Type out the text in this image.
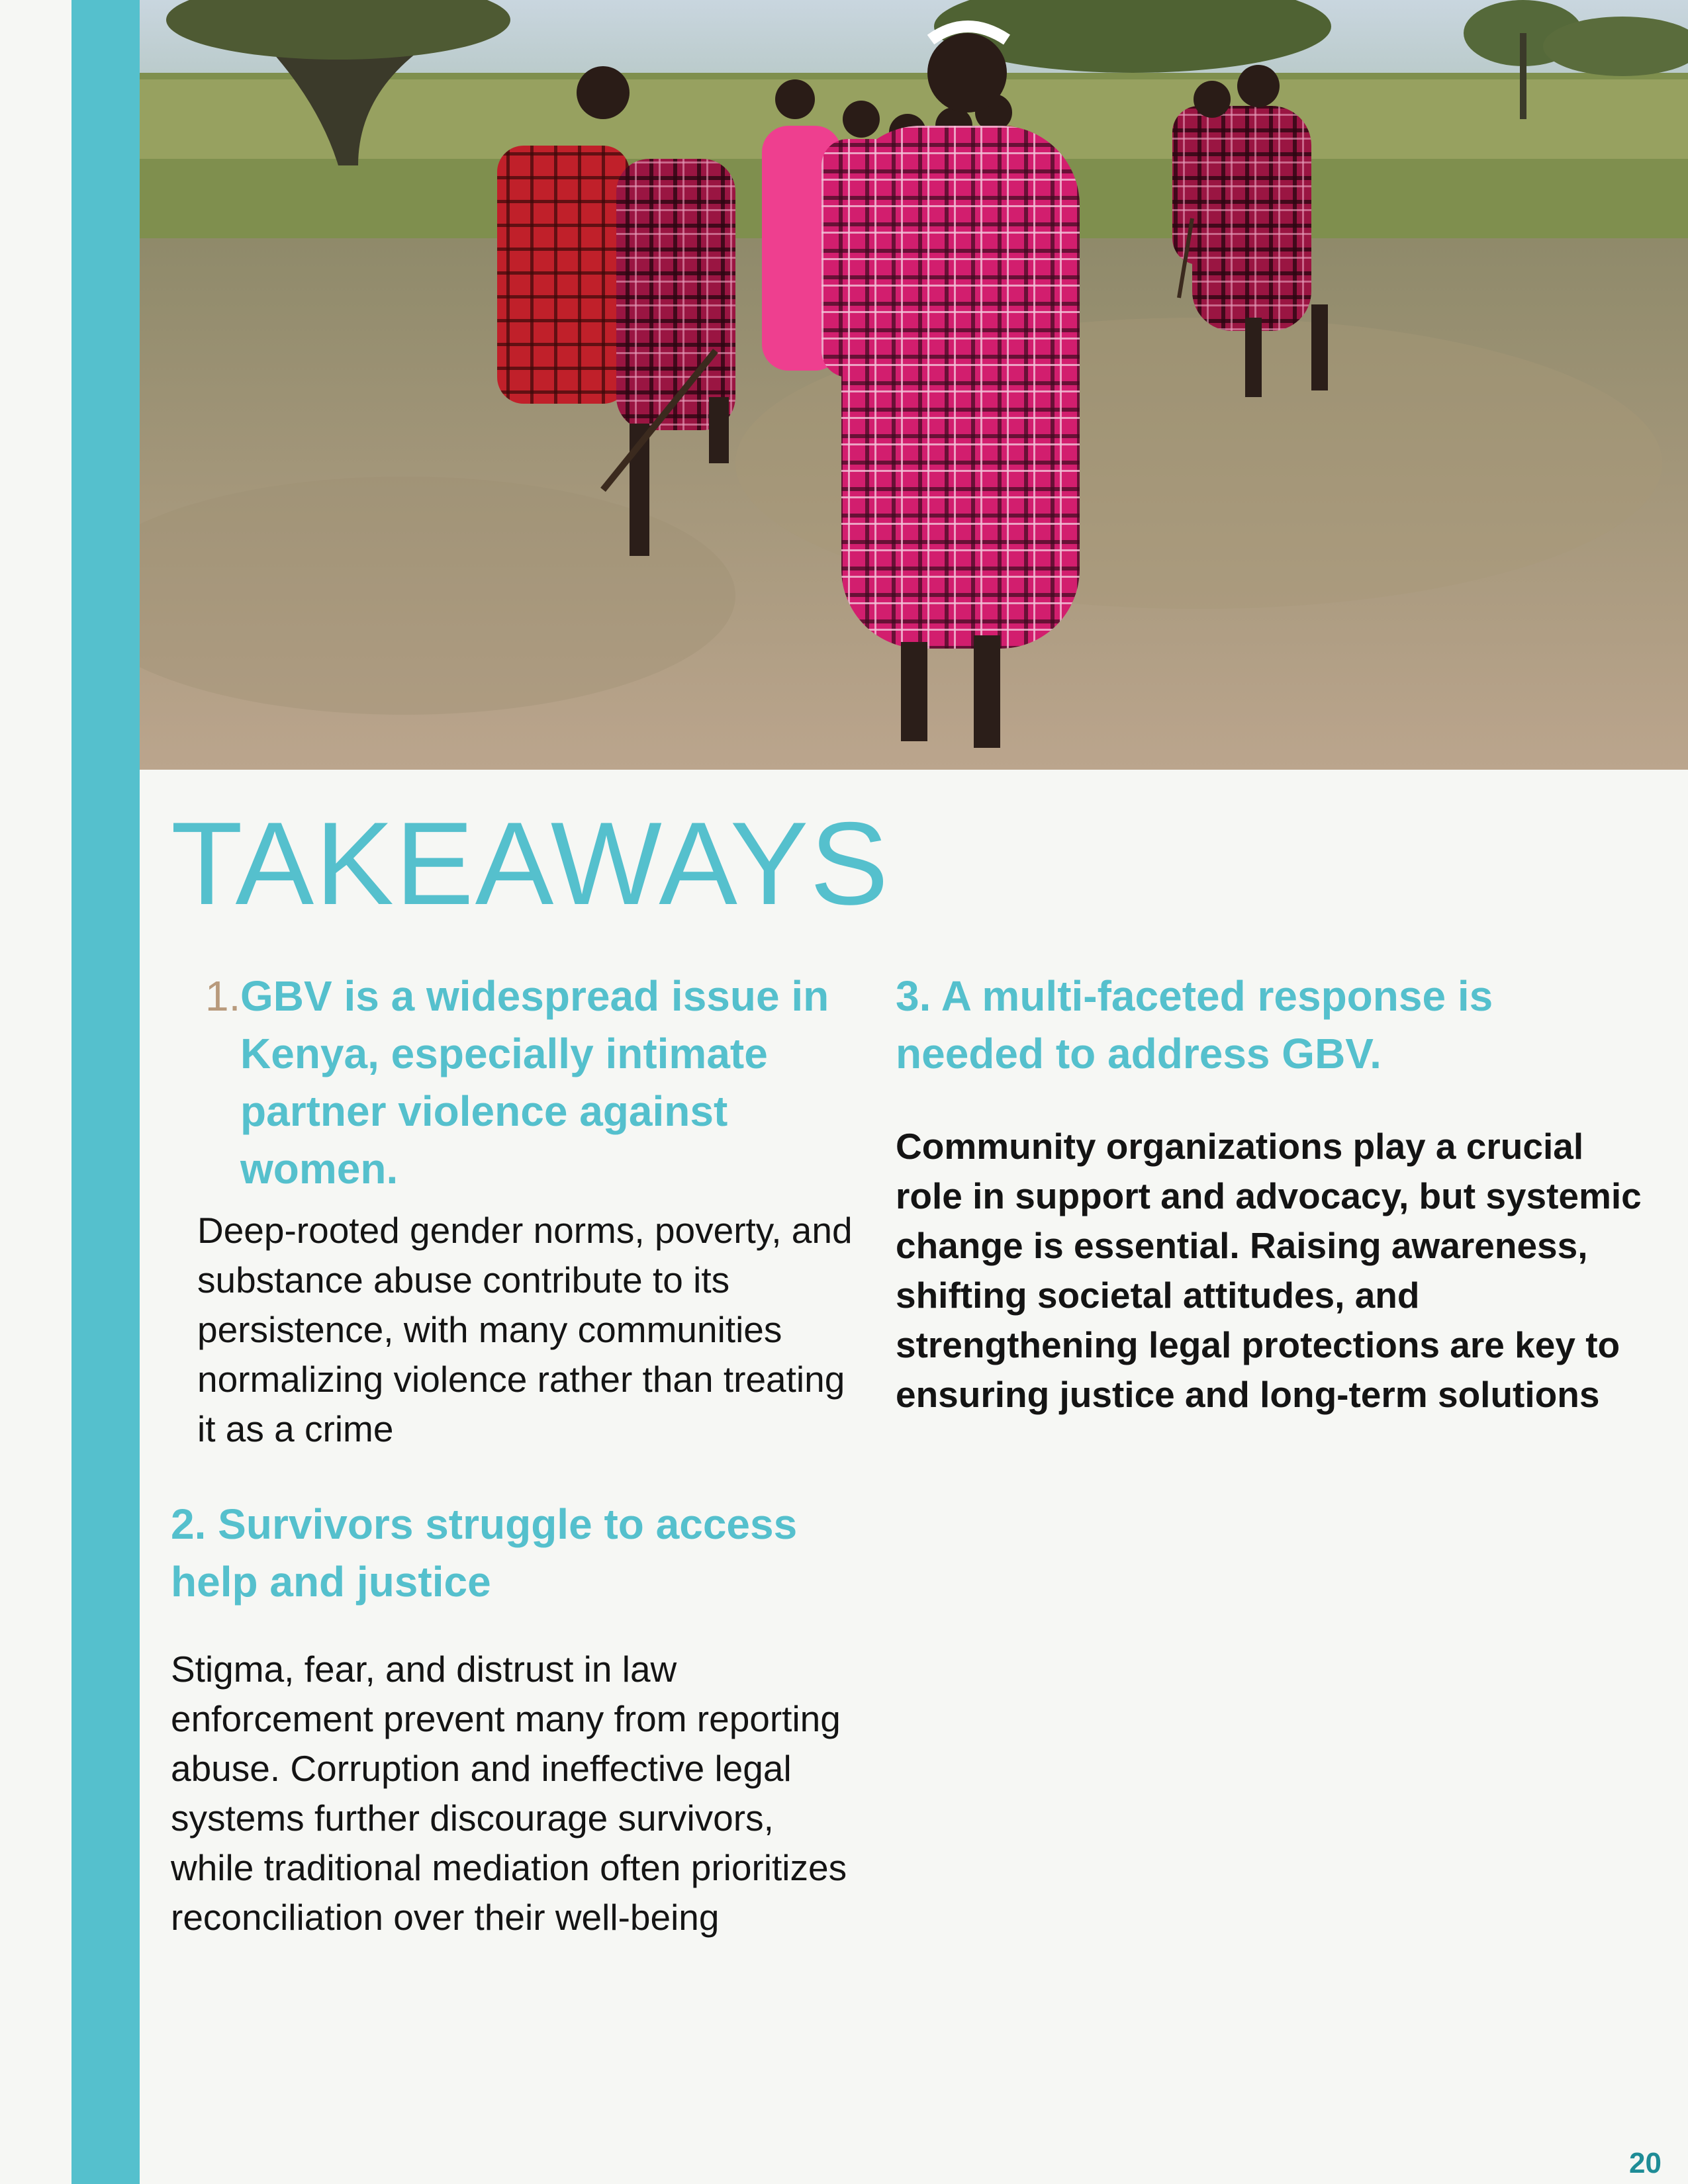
TAKEAWAYS
1. GBV is a widespread issue in Kenya, especially intimate partner violence against women.
Deep-rooted gender norms, poverty, and substance abuse contribute to its persistence, with many communities normalizing violence rather than treating it as a crime
2. Survivors struggle to access help and justice
Stigma, fear, and distrust in law enforcement prevent many from reporting abuse. Corruption and ineffective legal systems further discourage survivors, while traditional mediation often prioritizes reconciliation over their well-being
3. A multi-faceted response is needed to address GBV.
Community organizations play a crucial role in support and advocacy, but systemic change is essential. Raising awareness, shifting societal attitudes, and strengthening legal protections are key to ensuring justice and long-term solutions
20
